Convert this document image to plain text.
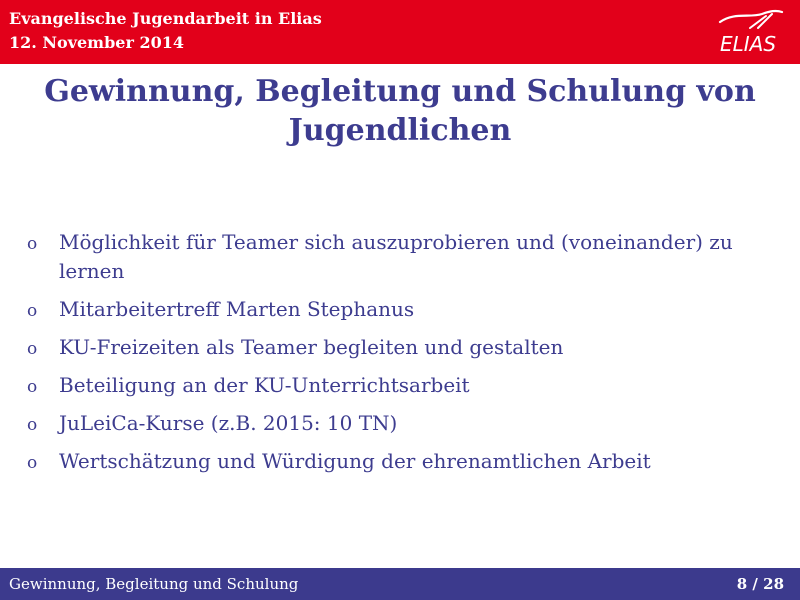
Evangelische Jugendarbeit in Elias
12. November 2014	ELIAS
Gewinnung, Begleitung und Schulung von Jugendlichen
o Möglichkeit für Teamer sich auszuprobieren und (voneinander) zu lernen
o Mitarbeitertreff Marten Stephanus
o KU-Freizeiten als Teamer begleiten und gestalten
o Beteiligung an der KU-Unterrichtsarbeit
o JuLeiCa-Kurse (z.B. 2015: 10 TN)
o Wertschätzung und Würdigung der ehrenamtlichen Arbeit
Gewinnung, Begleitung und Schulung	8 / 28
